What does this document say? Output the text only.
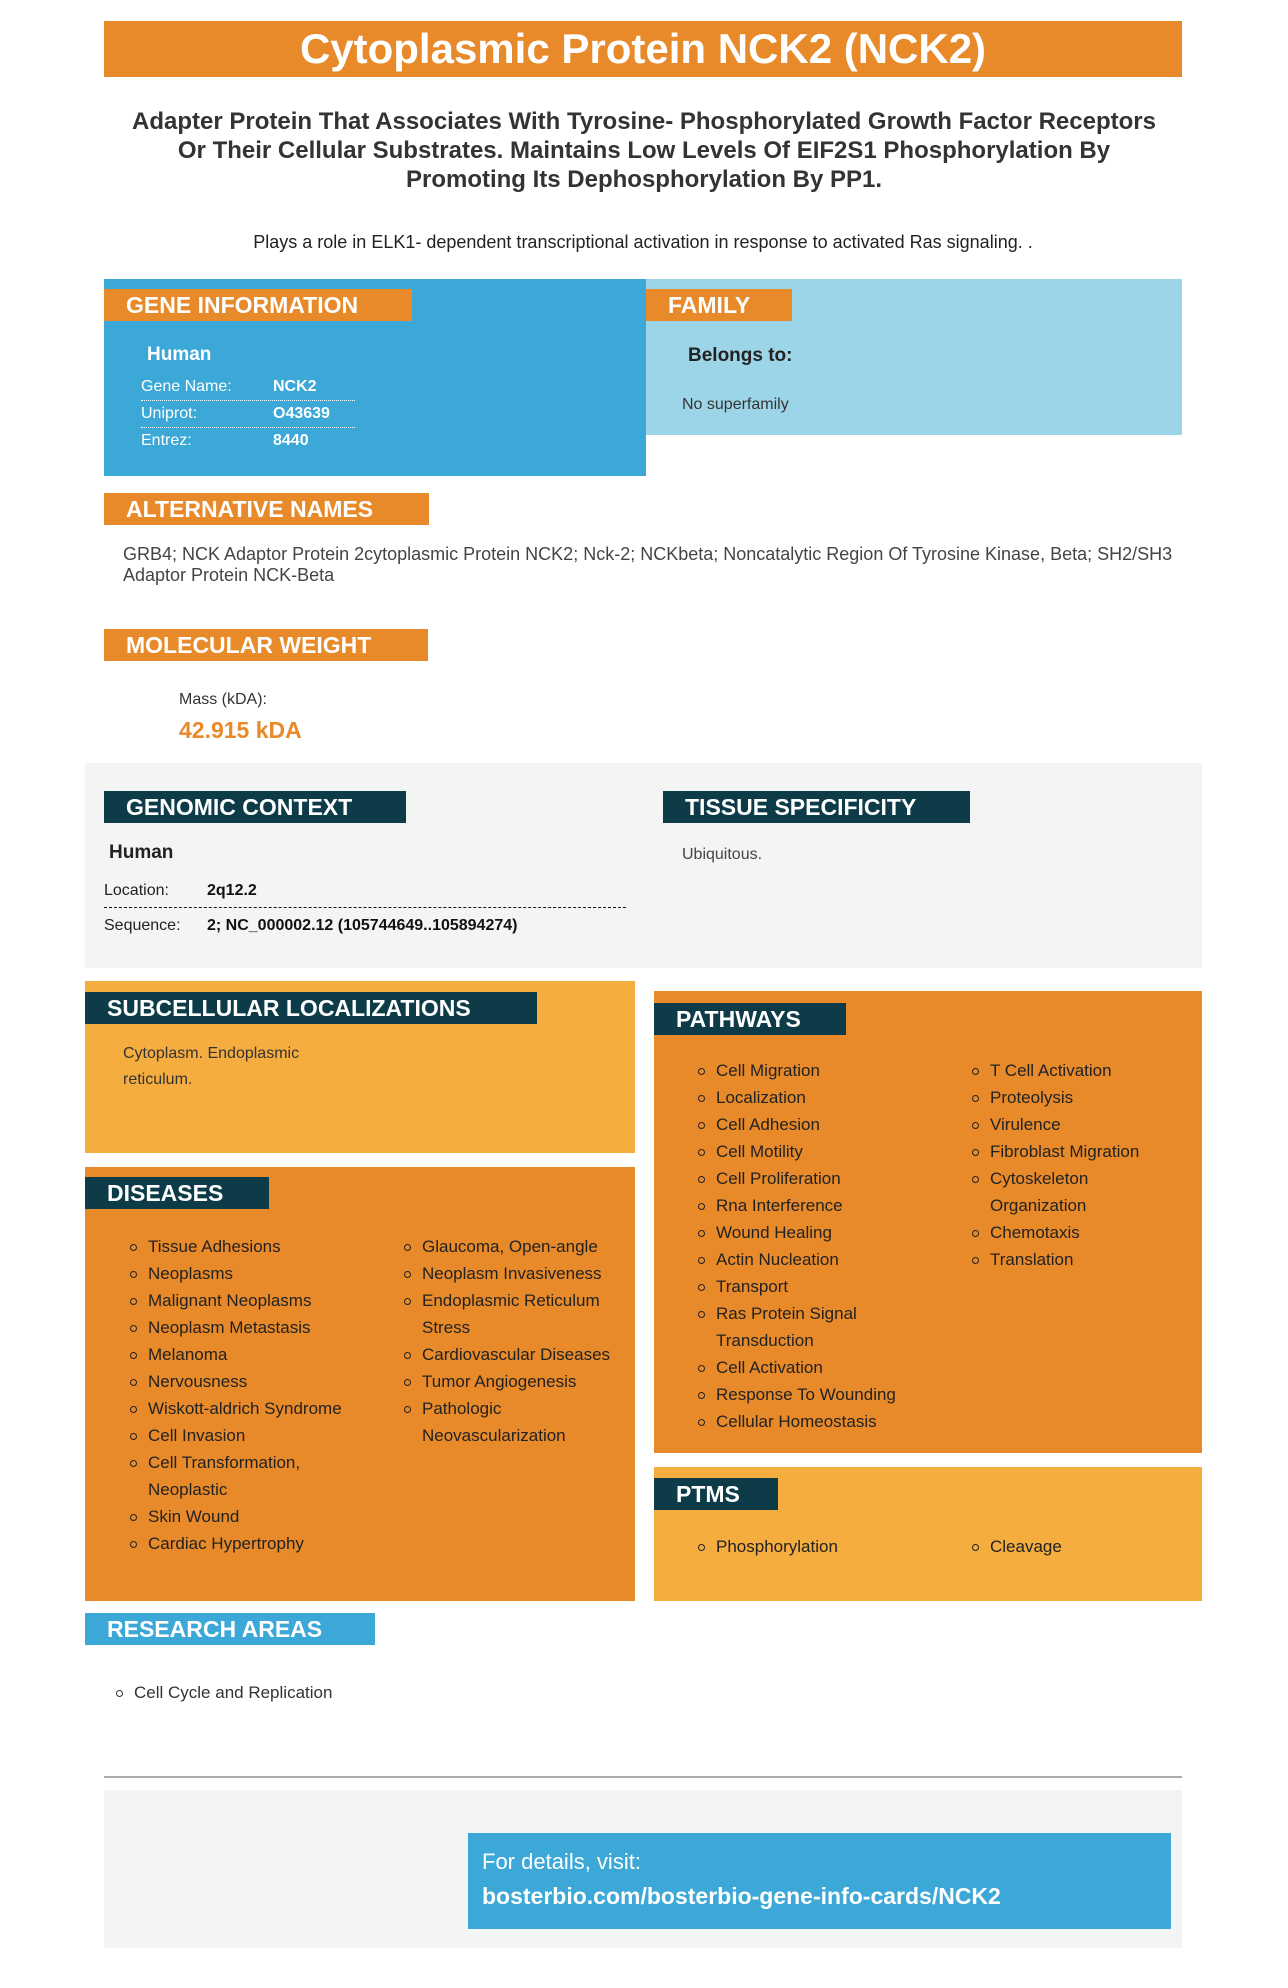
Cytoplasmic Protein NCK2 (NCK2)
Adapter Protein That Associates With Tyrosine- Phosphorylated Growth Factor Receptors Or Their Cellular Substrates. Maintains Low Levels Of EIF2S1 Phosphorylation By Promoting Its Dephosphorylation By PP1.
Plays a role in ELK1- dependent transcriptional activation in response to activated Ras signaling. .
GENE INFORMATION
Human
Gene Name:	NCK2
Uniprot:	O43639
Entrez:	8440
FAMILY
Belongs to:
No superfamily
ALTERNATIVE NAMES
GRB4; NCK Adaptor Protein 2cytoplasmic Protein NCK2; Nck-2; NCKbeta; Noncatalytic Region Of Tyrosine Kinase, Beta; SH2/SH3 Adaptor Protein NCK-Beta
MOLECULAR WEIGHT
Mass (kDA):
42.915 kDA
GENOMIC CONTEXT
Human
Location: 2q12.2
Sequence: 2; NC_000002.12 (105744649..105894274)
TISSUE SPECIFICITY
Ubiquitous.
SUBCELLULAR LOCALIZATIONS
Cytoplasm. Endoplasmic
reticulum.
DISEASES
Tissue Adhesions
Neoplasms
Malignant Neoplasms
Neoplasm Metastasis
Melanoma
Nervousness
Wiskott-aldrich Syndrome
Cell Invasion
Cell Transformation, Neoplastic
Skin Wound
Cardiac Hypertrophy
Glaucoma, Open-angle
Neoplasm Invasiveness
Endoplasmic Reticulum Stress
Cardiovascular Diseases
Tumor Angiogenesis
Pathologic Neovascularization
PATHWAYS
Cell Migration
Localization
Cell Adhesion
Cell Motility
Cell Proliferation
Rna Interference
Wound Healing
Actin Nucleation
Transport
Ras Protein Signal Transduction
Cell Activation
Response To Wounding
Cellular Homeostasis
T Cell Activation
Proteolysis
Virulence
Fibroblast Migration
Cytoskeleton Organization
Chemotaxis
Translation
PTMS
Phosphorylation	Cleavage
RESEARCH AREAS
Cell Cycle and Replication
For details, visit:
bosterbio.com/bosterbio-gene-info-cards/NCK2
